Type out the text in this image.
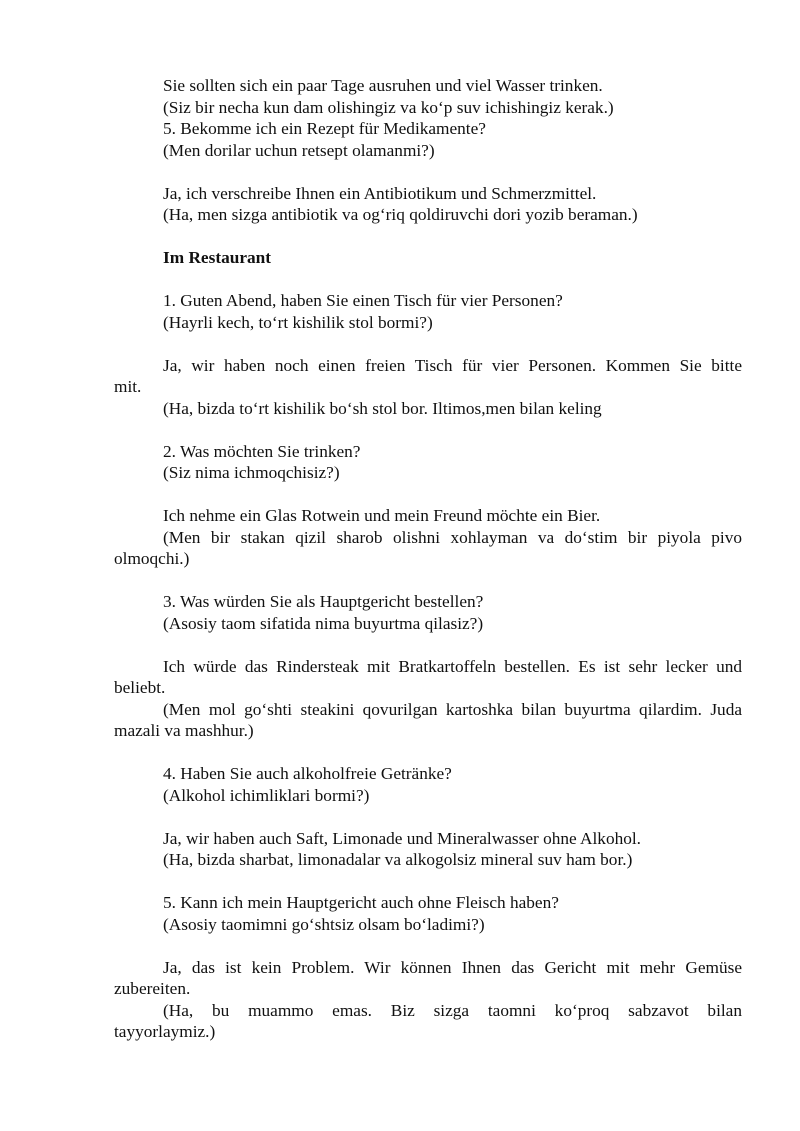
Sie sollten sich ein paar Tage ausruhen und viel Wasser trinken.
(Siz bir necha kun dam olishingiz va koʻp suv ichishingiz kerak.)
5. Bekomme ich ein Rezept für Medikamente?
(Men dorilar uchun retsept olamanmi?)
Ja, ich verschreibe Ihnen ein Antibiotikum und Schmerzmittel.
(Ha, men sizga antibiotik va ogʻriq qoldiruvchi dori yozib beraman.)
Im Restaurant
1. Guten Abend, haben Sie einen Tisch für vier Personen?
(Hayrli kech, toʻrt kishilik stol bormi?)
Ja, wir haben noch einen freien Tisch für vier Personen. Kommen Sie bitte
mit.
(Ha, bizda toʻrt kishilik boʻsh stol bor. Iltimos,men bilan keling
2. Was möchten Sie trinken?
(Siz nima ichmoqchisiz?)
Ich nehme ein Glas Rotwein und mein Freund möchte ein Bier.
(Men bir stakan qizil sharob olishni xohlayman va doʻstim bir piyola pivo
olmoqchi.)
3. Was würden Sie als Hauptgericht bestellen?
(Asosiy taom sifatida nima buyurtma qilasiz?)
Ich würde das Rindersteak mit Bratkartoffeln bestellen. Es ist sehr lecker und
beliebt.
(Men mol goʻshti steakini qovurilgan kartoshka bilan buyurtma qilardim. Juda
mazali va mashhur.)
4. Haben Sie auch alkoholfreie Getränke?
(Alkohol ichimliklari bormi?)
Ja, wir haben auch Saft, Limonade und Mineralwasser ohne Alkohol.
(Ha, bizda sharbat, limonadalar va alkogolsiz mineral suv ham bor.)
5. Kann ich mein Hauptgericht auch ohne Fleisch haben?
(Asosiy taomimni goʻshtsiz olsam boʻladimi?)
Ja, das ist kein Problem. Wir können Ihnen das Gericht mit mehr Gemüse
zubereiten.
(Ha, bu muammo emas. Biz sizga taomni koʻproq sabzavot bilan
tayyorlaymiz.)
